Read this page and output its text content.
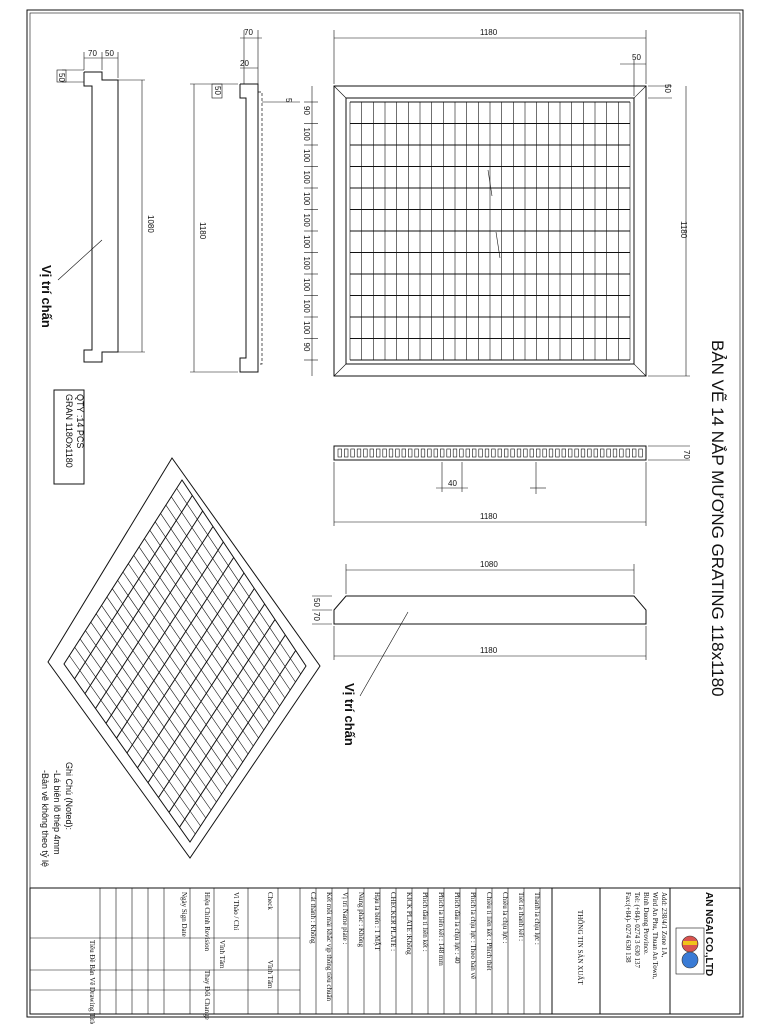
1080
70 50
50
Vị trí chấn
70
20
50
1180
5
1180
50
50
1180
90
100
100
100
100
100
100
100
100
100
100
90
70
40
1180
1080
50
70
1180
Vị trí chấn
GRAN 118Ox1180 QTY :14 PCS	BẢN VẼ 14 NẮP MƯƠNG GRATING 118x1180
Ghi Chú (Noted):
-Lá biên lõ thép 4mm
-Bản vẽ không theo tỷ lệ
AN NGAI CO.,LTD
Add: 238/4/1 Zone 1A,
Wird An Phu, Thuan An Town,
Binh Duong Province.
Tel: (+84)- 0274 3 630 137
Fax:(+84)- 0274 630 138
THÔNG TIN SẢN XUẤT
Thanh la chịu lực :
Tiết la thanh kết :
Chiều la chịu lực :
Chiều ti liên kết : Phích thết
Phích la chịu lực : Theo bản vẽ
Phích đầu la chịu lực : 40
Phích la liên kết : 148 mm
Phích đầu ti liên kết :
KICK PLATE :Không
CHECKER PLATE :
Hậu la biến : 1 MẶT
Nung phác : Không
Vị trí Name plate :
Kết mối mài khắc vịp thống tiêu chuẩn
Cắt thành : Không
Check
Vĩnh Tâm
Vi Thảo / Chỉ
Vĩnh Tâm
Hiệu Chỉnh Revision
Ngày Sign Date
Thay Đổi Change
Tiêu Đề Bản Vẽ Drawing Title
